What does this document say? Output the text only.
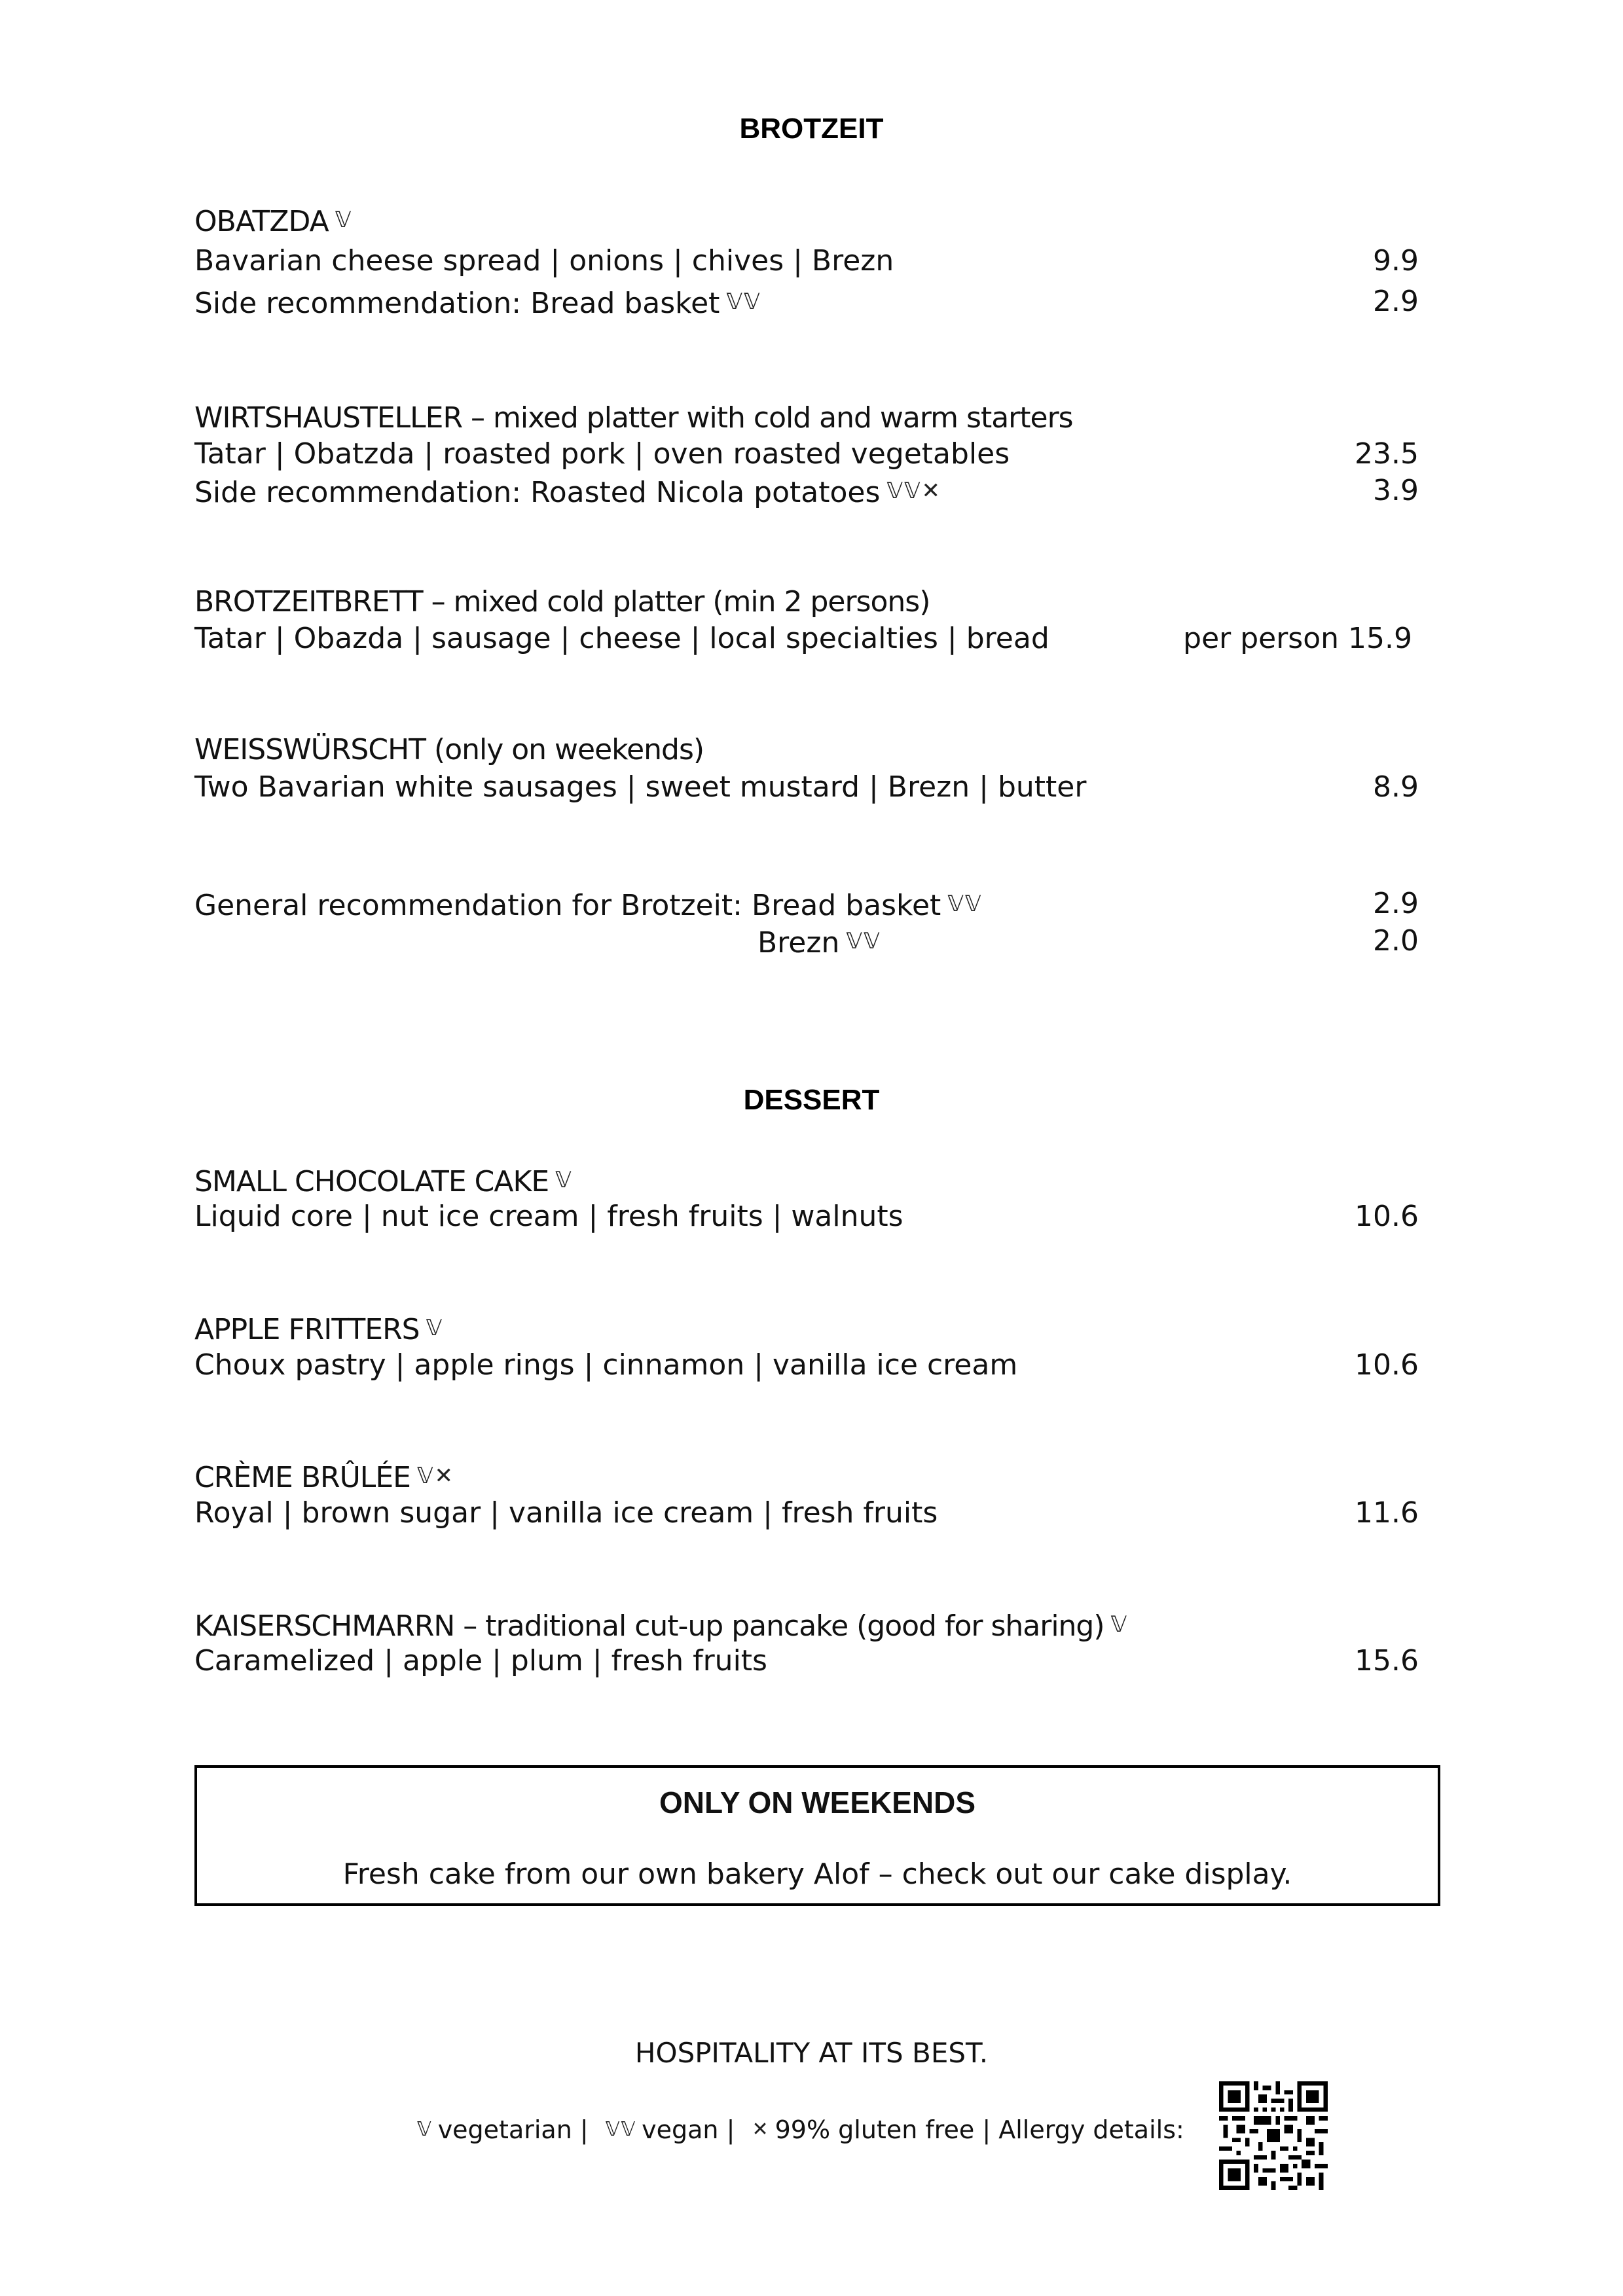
BROTZEIT
OBATZDA 𝕍
Bavarian cheese spread | onions | chives | Brezn	9.9
Side recommendation: Bread basket 𝕍𝕍	2.9
WIRTSHAUSTELLER – mixed platter with cold and warm starters
Tatar | Obatzda | roasted pork | oven roasted vegetables	23.5
Side recommendation: Roasted Nicola potatoes 𝕍𝕍✕	3.9
BROTZEITBRETT – mixed cold platter (min 2 persons)
Tatar | Obazda | sausage | cheese | local specialties | bread	per person 15.9
WEISSWÜRSCHT (only on weekends)
Two Bavarian white sausages | sweet mustard | Brezn | butter	8.9
General recommendation for Brotzeit: Bread basket 𝕍𝕍	2.9
Brezn 𝕍𝕍	2.0
DESSERT
SMALL CHOCOLATE CAKE 𝕍
Liquid core | nut ice cream | fresh fruits | walnuts	10.6
APPLE FRITTERS 𝕍
Choux pastry | apple rings | cinnamon | vanilla ice cream	10.6
CRÈME BRÛLÉE 𝕍✕
Royal | brown sugar | vanilla ice cream | fresh fruits	11.6
KAISERSCHMARRN – traditional cut-up pancake (good for sharing) 𝕍
Caramelized | apple | plum | fresh fruits	15.6
ONLY ON WEEKENDS
Fresh cake from our own bakery Alof – check out our cake display.
HOSPITALITY AT ITS BEST.
𝕍 vegetarian | 𝕍𝕍 vegan | ✕ 99% gluten free | Allergy details:
